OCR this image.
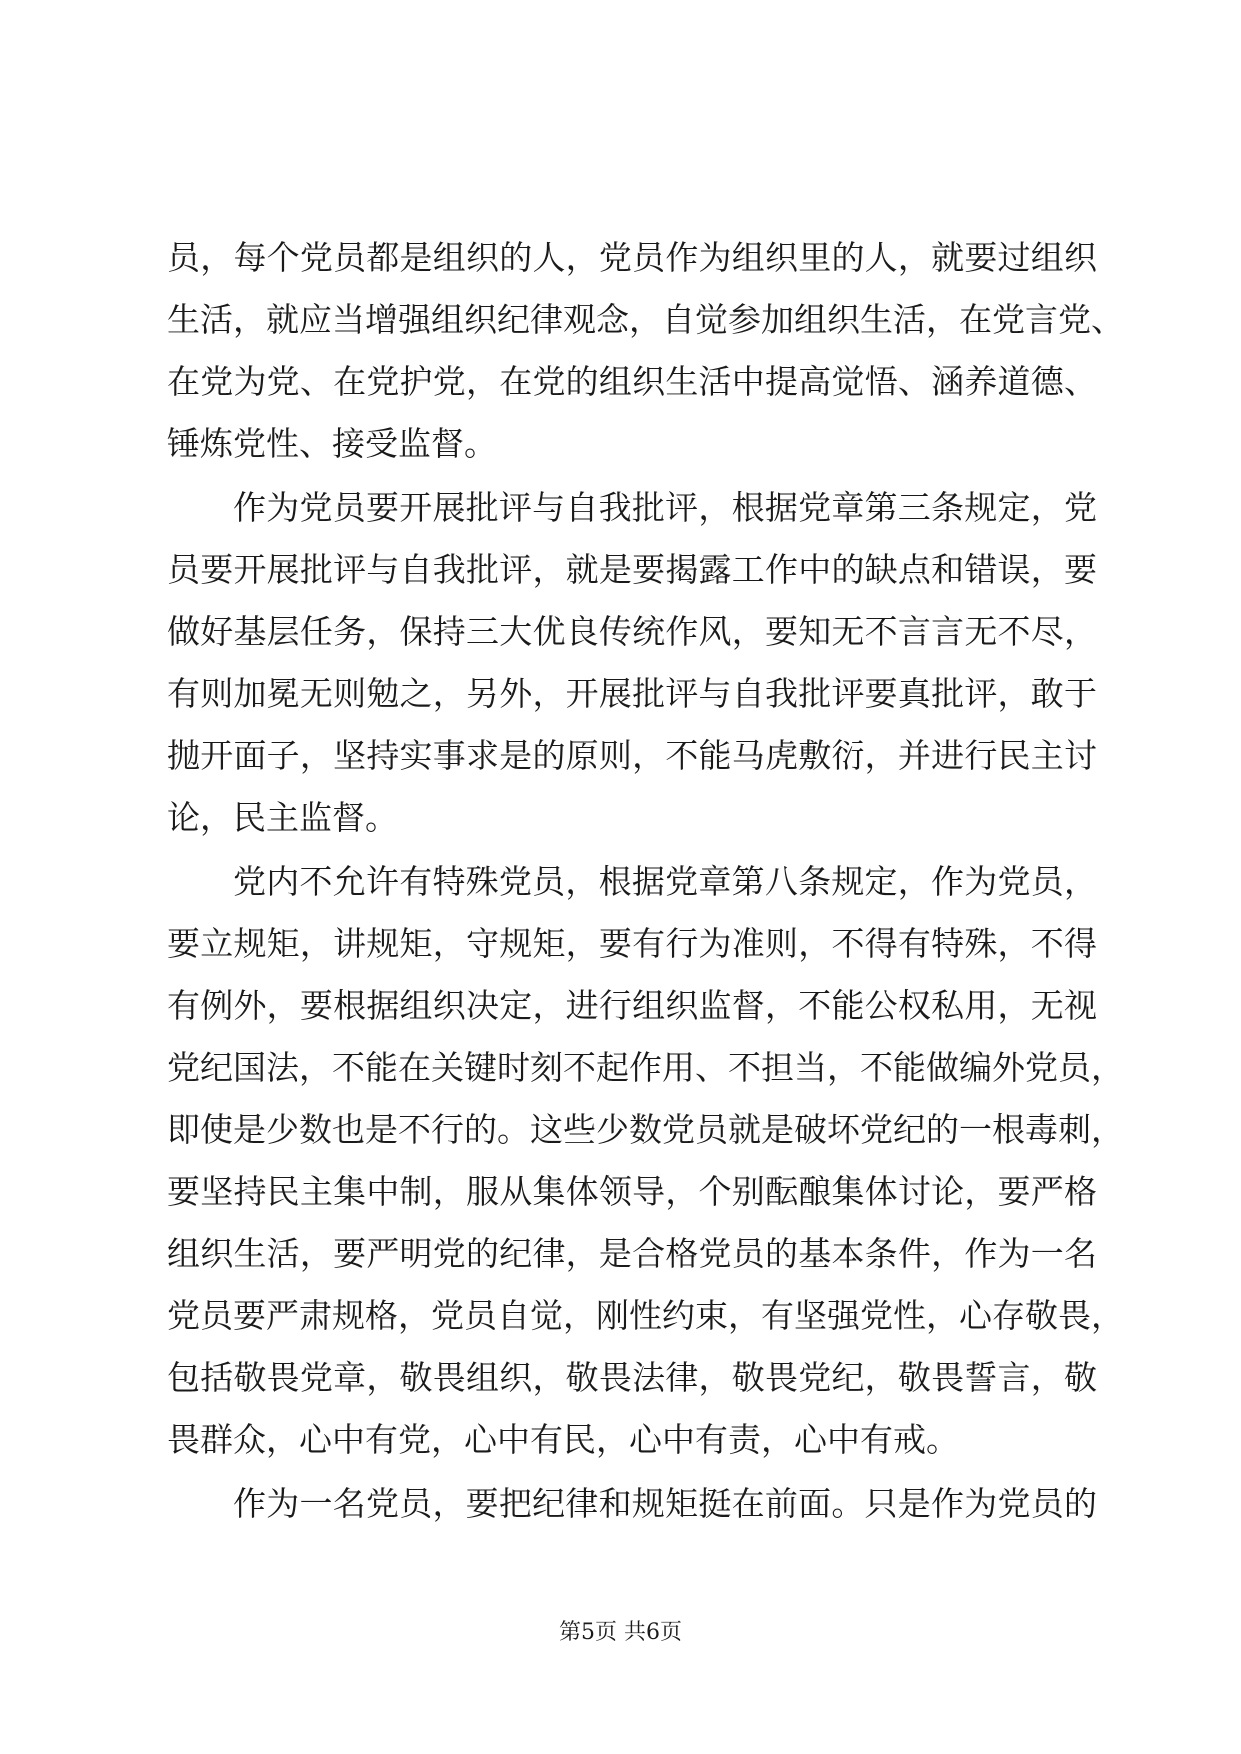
员，每个党员都是组织的人，党员作为组织里的人，就要过组织
生活，就应当增强组织纪律观念，自觉参加组织生活，在党言党、
在党为党、在党护党，在党的组织生活中提高觉悟、涵养道德、
锤炼党性、接受监督。
作为党员要开展批评与自我批评，根据党章第三条规定，党
员要开展批评与自我批评，就是要揭露工作中的缺点和错误，要
做好基层任务，保持三大优良传统作风，要知无不言言无不尽，
有则加冕无则勉之，另外，开展批评与自我批评要真批评，敢于
抛开面子，坚持实事求是的原则，不能马虎敷衍，并进行民主讨
论，民主监督。
党内不允许有特殊党员，根据党章第八条规定，作为党员，
要立规矩，讲规矩，守规矩，要有行为准则，不得有特殊，不得
有例外，要根据组织决定，进行组织监督，不能公权私用，无视
党纪国法，不能在关键时刻不起作用、不担当，不能做编外党员，
即使是少数也是不行的。这些少数党员就是破坏党纪的一根毒刺，
要坚持民主集中制，服从集体领导，个别酝酿集体讨论，要严格
组织生活，要严明党的纪律，是合格党员的基本条件，作为一名
党员要严肃规格，党员自觉，刚性约束，有坚强党性，心存敬畏，
包括敬畏党章，敬畏组织，敬畏法律，敬畏党纪，敬畏誓言，敬
畏群众，心中有党，心中有民，心中有责，心中有戒。
作为一名党员，要把纪律和规矩挺在前面。只是作为党员的
第5页 共6页
